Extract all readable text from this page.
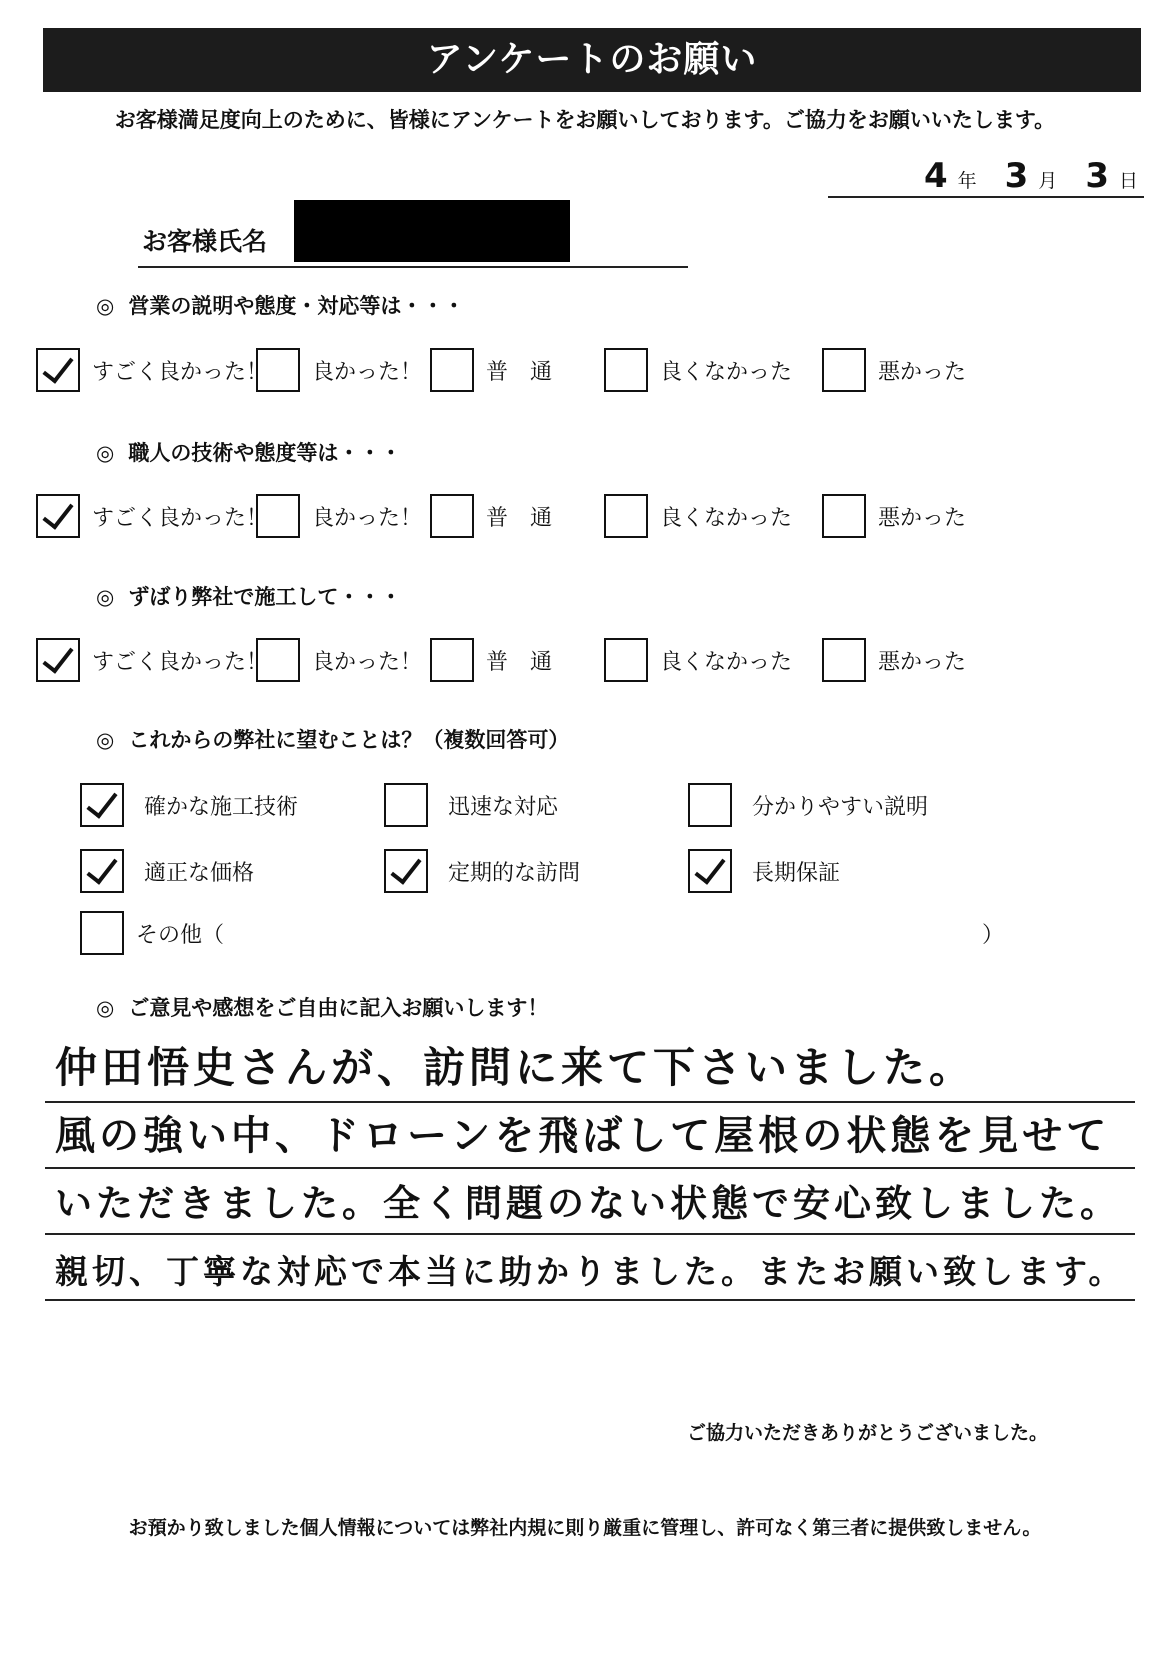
アンケートのお願い
お客様満足度向上のために、皆様にアンケートをお願いしております。ご協力をお願いいたします。
4 年 3 月 3 日
お客様氏名
◎ 営業の説明や態度・対応等は・・・
すごく良かった！ 良かった！	普　通	良くなかった	悪かった
◎ 職人の技術や態度等は・・・
すごく良かった！ 良かった！	普　通	良くなかった	悪かった
◎ ずばり弊社で施工して・・・
すごく良かった！ 良かった！	普　通	良くなかった	悪かった
◎ これからの弊社に望むことは？（複数回答可）
確かな施工技術	迅速な対応	分かりやすい説明
適正な価格	定期的な訪問	長期保証
その他（	）
◎ ご意見や感想をご自由に記入お願いします！
仲田悟史さんが、訪問に来て下さいました。
風の強い中、ドローンを飛ばして屋根の状態を見せて
いただきました。全く問題のない状態で安心致しました。
親切、丁寧な対応で本当に助かりました。またお願い致します。
ご協力いただきありがとうございました。
お預かり致しました個人情報については弊社内規に則り厳重に管理し、許可なく第三者に提供致しません。
